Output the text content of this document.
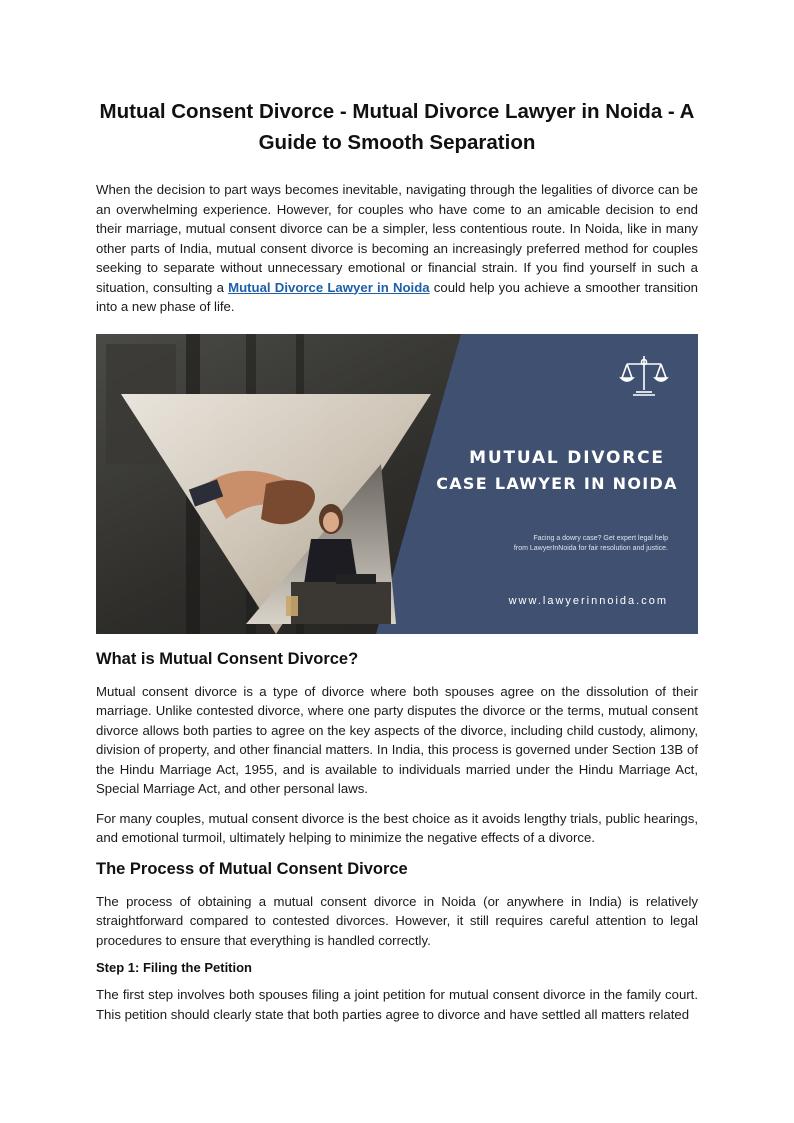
Mutual Consent Divorce - Mutual Divorce Lawyer in Noida - A Guide to Smooth Separation

When the decision to part ways becomes inevitable, navigating through the legalities of divorce can be an overwhelming experience. However, for couples who have come to an amicable decision to end their marriage, mutual consent divorce can be a simpler, less contentious route. In Noida, like in many other parts of India, mutual consent divorce is becoming an increasingly preferred method for couples seeking to separate without unnecessary emotional or financial strain. If you find yourself in such a situation, consulting a Mutual Divorce Lawyer in Noida could help you achieve a smoother transition into a new phase of life.

MUTUAL DIVORCE
CASE LAWYER IN NOIDA
Facing a dowry case? Get expert legal help
from LawyerInNoida for fair resolution and justice.
www.lawyerinnoida.com
What is Mutual Consent Divorce?

Mutual consent divorce is a type of divorce where both spouses agree on the dissolution of their marriage. Unlike contested divorce, where one party disputes the divorce or the terms, mutual consent divorce allows both parties to agree on the key aspects of the divorce, including child custody, alimony, division of property, and other financial matters. In India, this process is governed under Section 13B of the Hindu Marriage Act, 1955, and is available to individuals married under the Hindu Marriage Act, Special Marriage Act, and other personal laws.

For many couples, mutual consent divorce is the best choice as it avoids lengthy trials, public hearings, and emotional turmoil, ultimately helping to minimize the negative effects of a divorce.

The Process of Mutual Consent Divorce

The process of obtaining a mutual consent divorce in Noida (or anywhere in India) is relatively straightforward compared to contested divorces. However, it still requires careful attention to legal procedures to ensure that everything is handled correctly.

Step 1: Filing the Petition

The first step involves both spouses filing a joint petition for mutual consent divorce in the family court. This petition should clearly state that both parties agree to divorce and have settled all matters related
